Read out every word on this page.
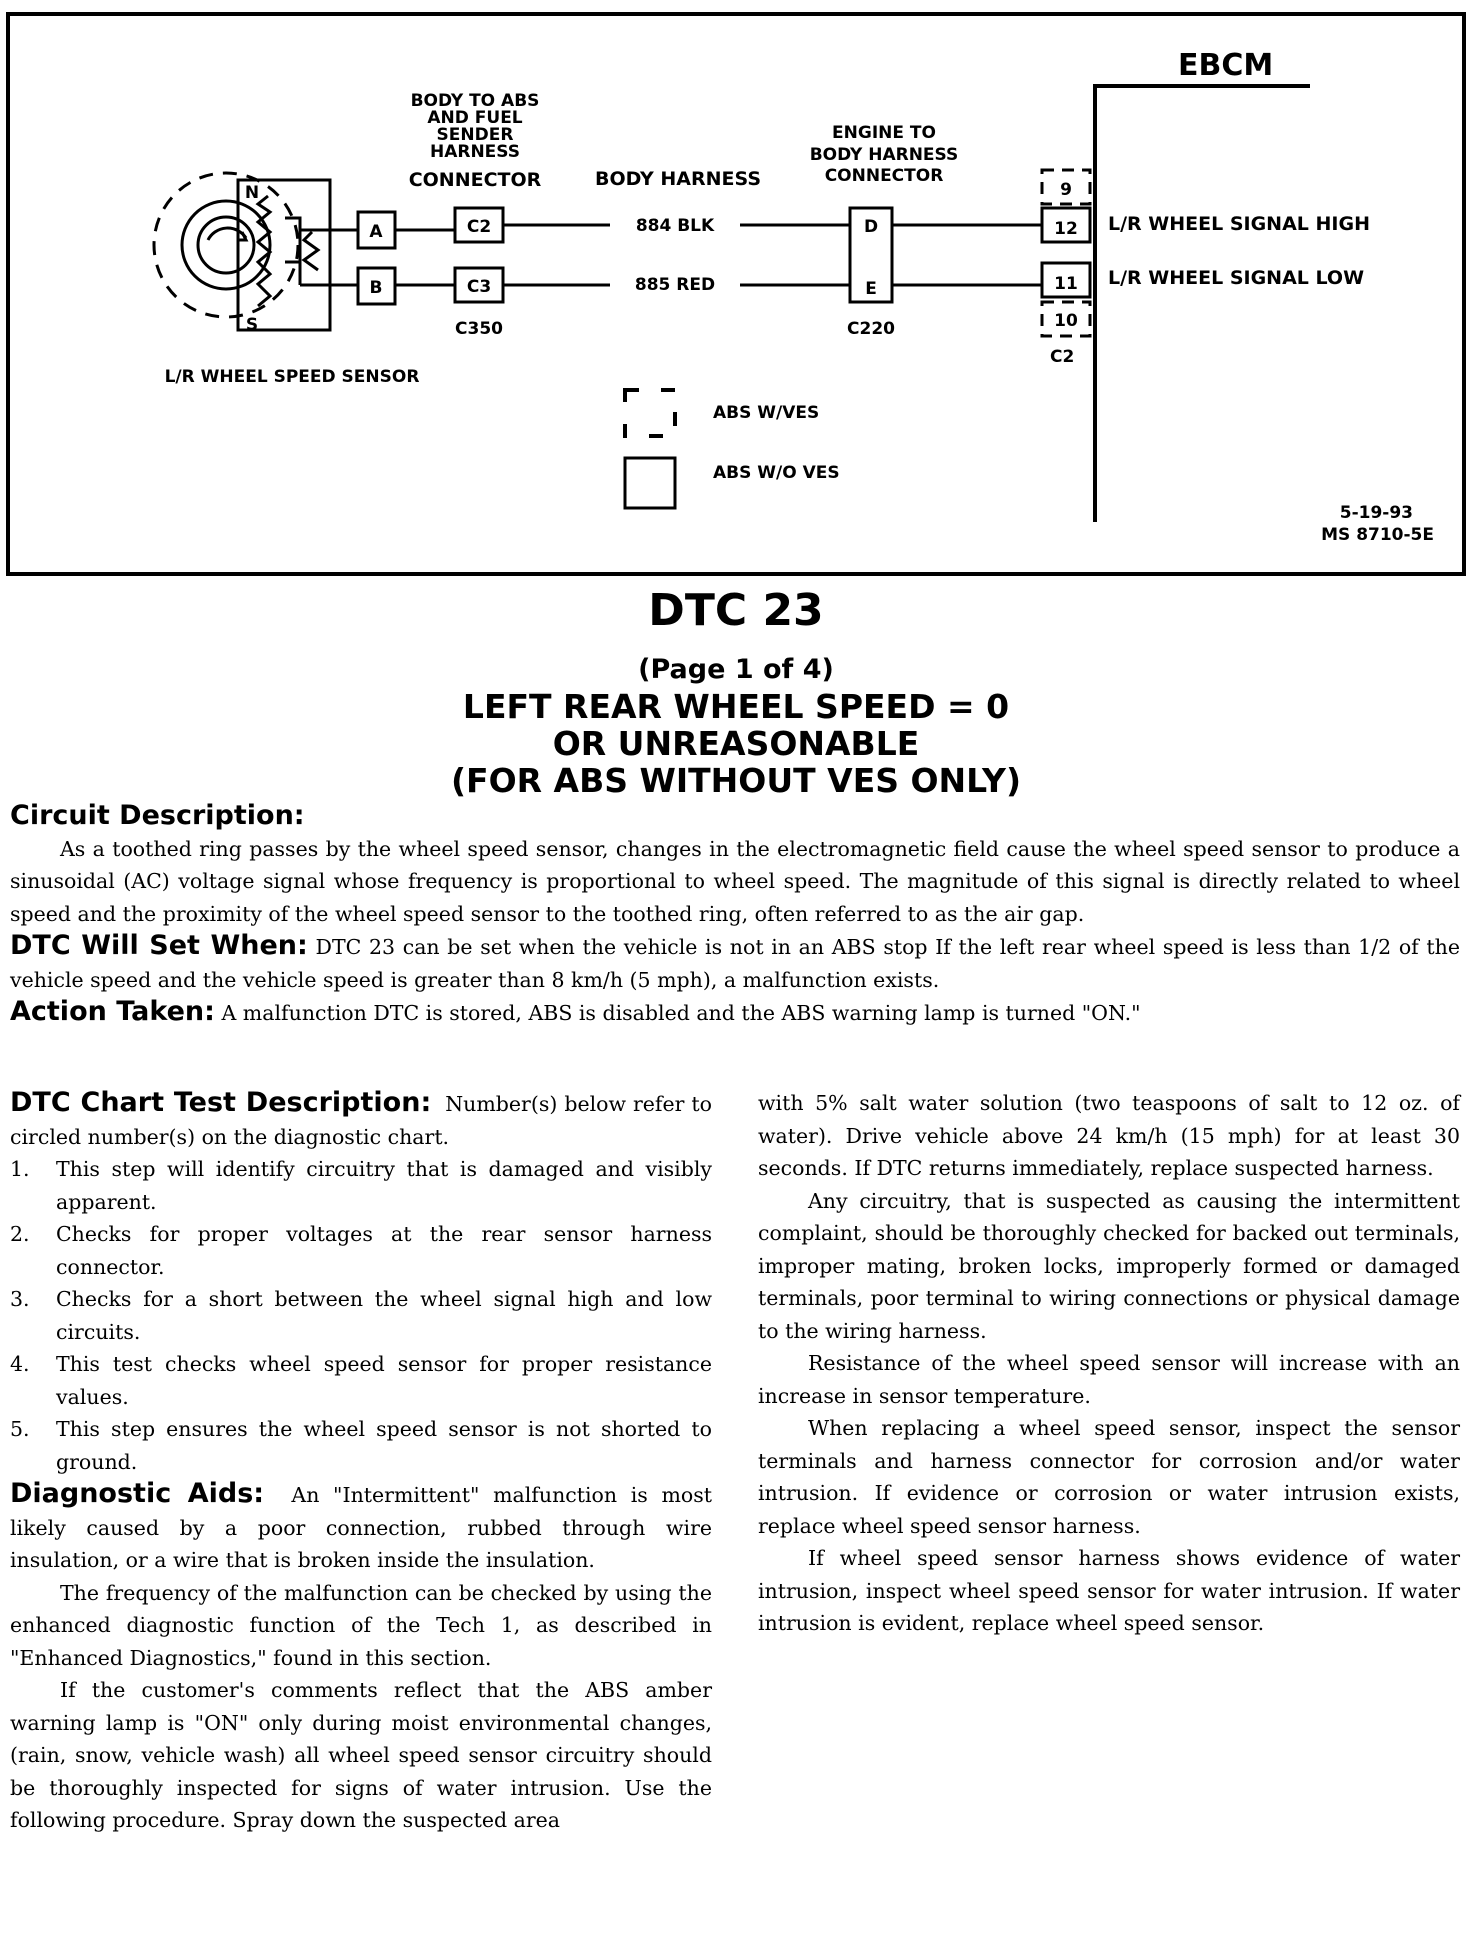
EBCM
9
12
11
10
C2
L/R WHEEL SIGNAL HIGH
L/R WHEEL SIGNAL LOW
BODY TO ABS
AND FUEL
SENDER
HARNESS
CONNECTOR	BODY HARNESS
ENGINE TO
BODY HARNESS
CONNECTOR
C2
C3
C350
D
E
C220
884 BLK
885 RED
A
B
N
S
L/R WHEEL SPEED SENSOR
ABS W/VES
ABS W/O VES
5-19-93
MS 8710-5E
DTC 23
(Page 1 of 4)
LEFT REAR WHEEL SPEED = 0
OR UNREASONABLE
(FOR ABS WITHOUT VES ONLY)
Circuit Description:

As a toothed ring passes by the wheel speed sensor, changes in the electromagnetic field cause the wheel speed sensor to produce a sinusoidal (AC) voltage signal whose frequency is proportional to wheel speed. The magnitude of this signal is directly related to wheel speed and the proximity of the wheel speed sensor to the toothed ring, often referred to as the air gap.

DTC Will Set When: DTC 23 can be set when the vehicle is not in an ABS stop If the left rear wheel speed is less than 1/2 of the vehicle speed and the vehicle speed is greater than 8 km/h (5 mph), a malfunction exists.

Action Taken: A malfunction DTC is stored, ABS is disabled and the ABS warning lamp is turned "ON."

DTC Chart Test Description: Number(s) below refer to circled number(s) on the diagnostic chart.

1. This step will identify circuitry that is damaged and visibly apparent.
2. Checks for proper voltages at the rear sensor harness connector.
3. Checks for a short between the wheel signal high and low circuits.
4. This test checks wheel speed sensor for proper resistance values.
5. This step ensures the wheel speed sensor is not shorted to ground.

Diagnostic Aids: An "Intermittent" malfunction is most likely caused by a poor connection, rubbed through wire insulation, or a wire that is broken inside the insulation.

The frequency of the malfunction can be checked by using the enhanced diagnostic function of the Tech 1, as described in "Enhanced Diagnostics," found in this section.

If the customer's comments reflect that the ABS amber warning lamp is "ON" only during moist environmental changes, (rain, snow, vehicle wash) all wheel speed sensor circuitry should be thoroughly inspected for signs of water intrusion. Use the following procedure. Spray down the suspected area

with 5% salt water solution (two teaspoons of salt to 12 oz. of water). Drive vehicle above 24 km/h (15 mph) for at least 30 seconds. If DTC returns immediately, replace suspected harness.

Any circuitry, that is suspected as causing the intermittent complaint, should be thoroughly checked for backed out terminals, improper mating, broken locks, improperly formed or damaged terminals, poor terminal to wiring connections or physical damage to the wiring harness.

Resistance of the wheel speed sensor will increase with an increase in sensor temperature.

When replacing a wheel speed sensor, inspect the sensor terminals and harness connector for corrosion and/or water intrusion. If evidence or corrosion or water intrusion exists, replace wheel speed sensor harness.

If wheel speed sensor harness shows evidence of water intrusion, inspect wheel speed sensor for water intrusion. If water intrusion is evident, replace wheel speed sensor.
